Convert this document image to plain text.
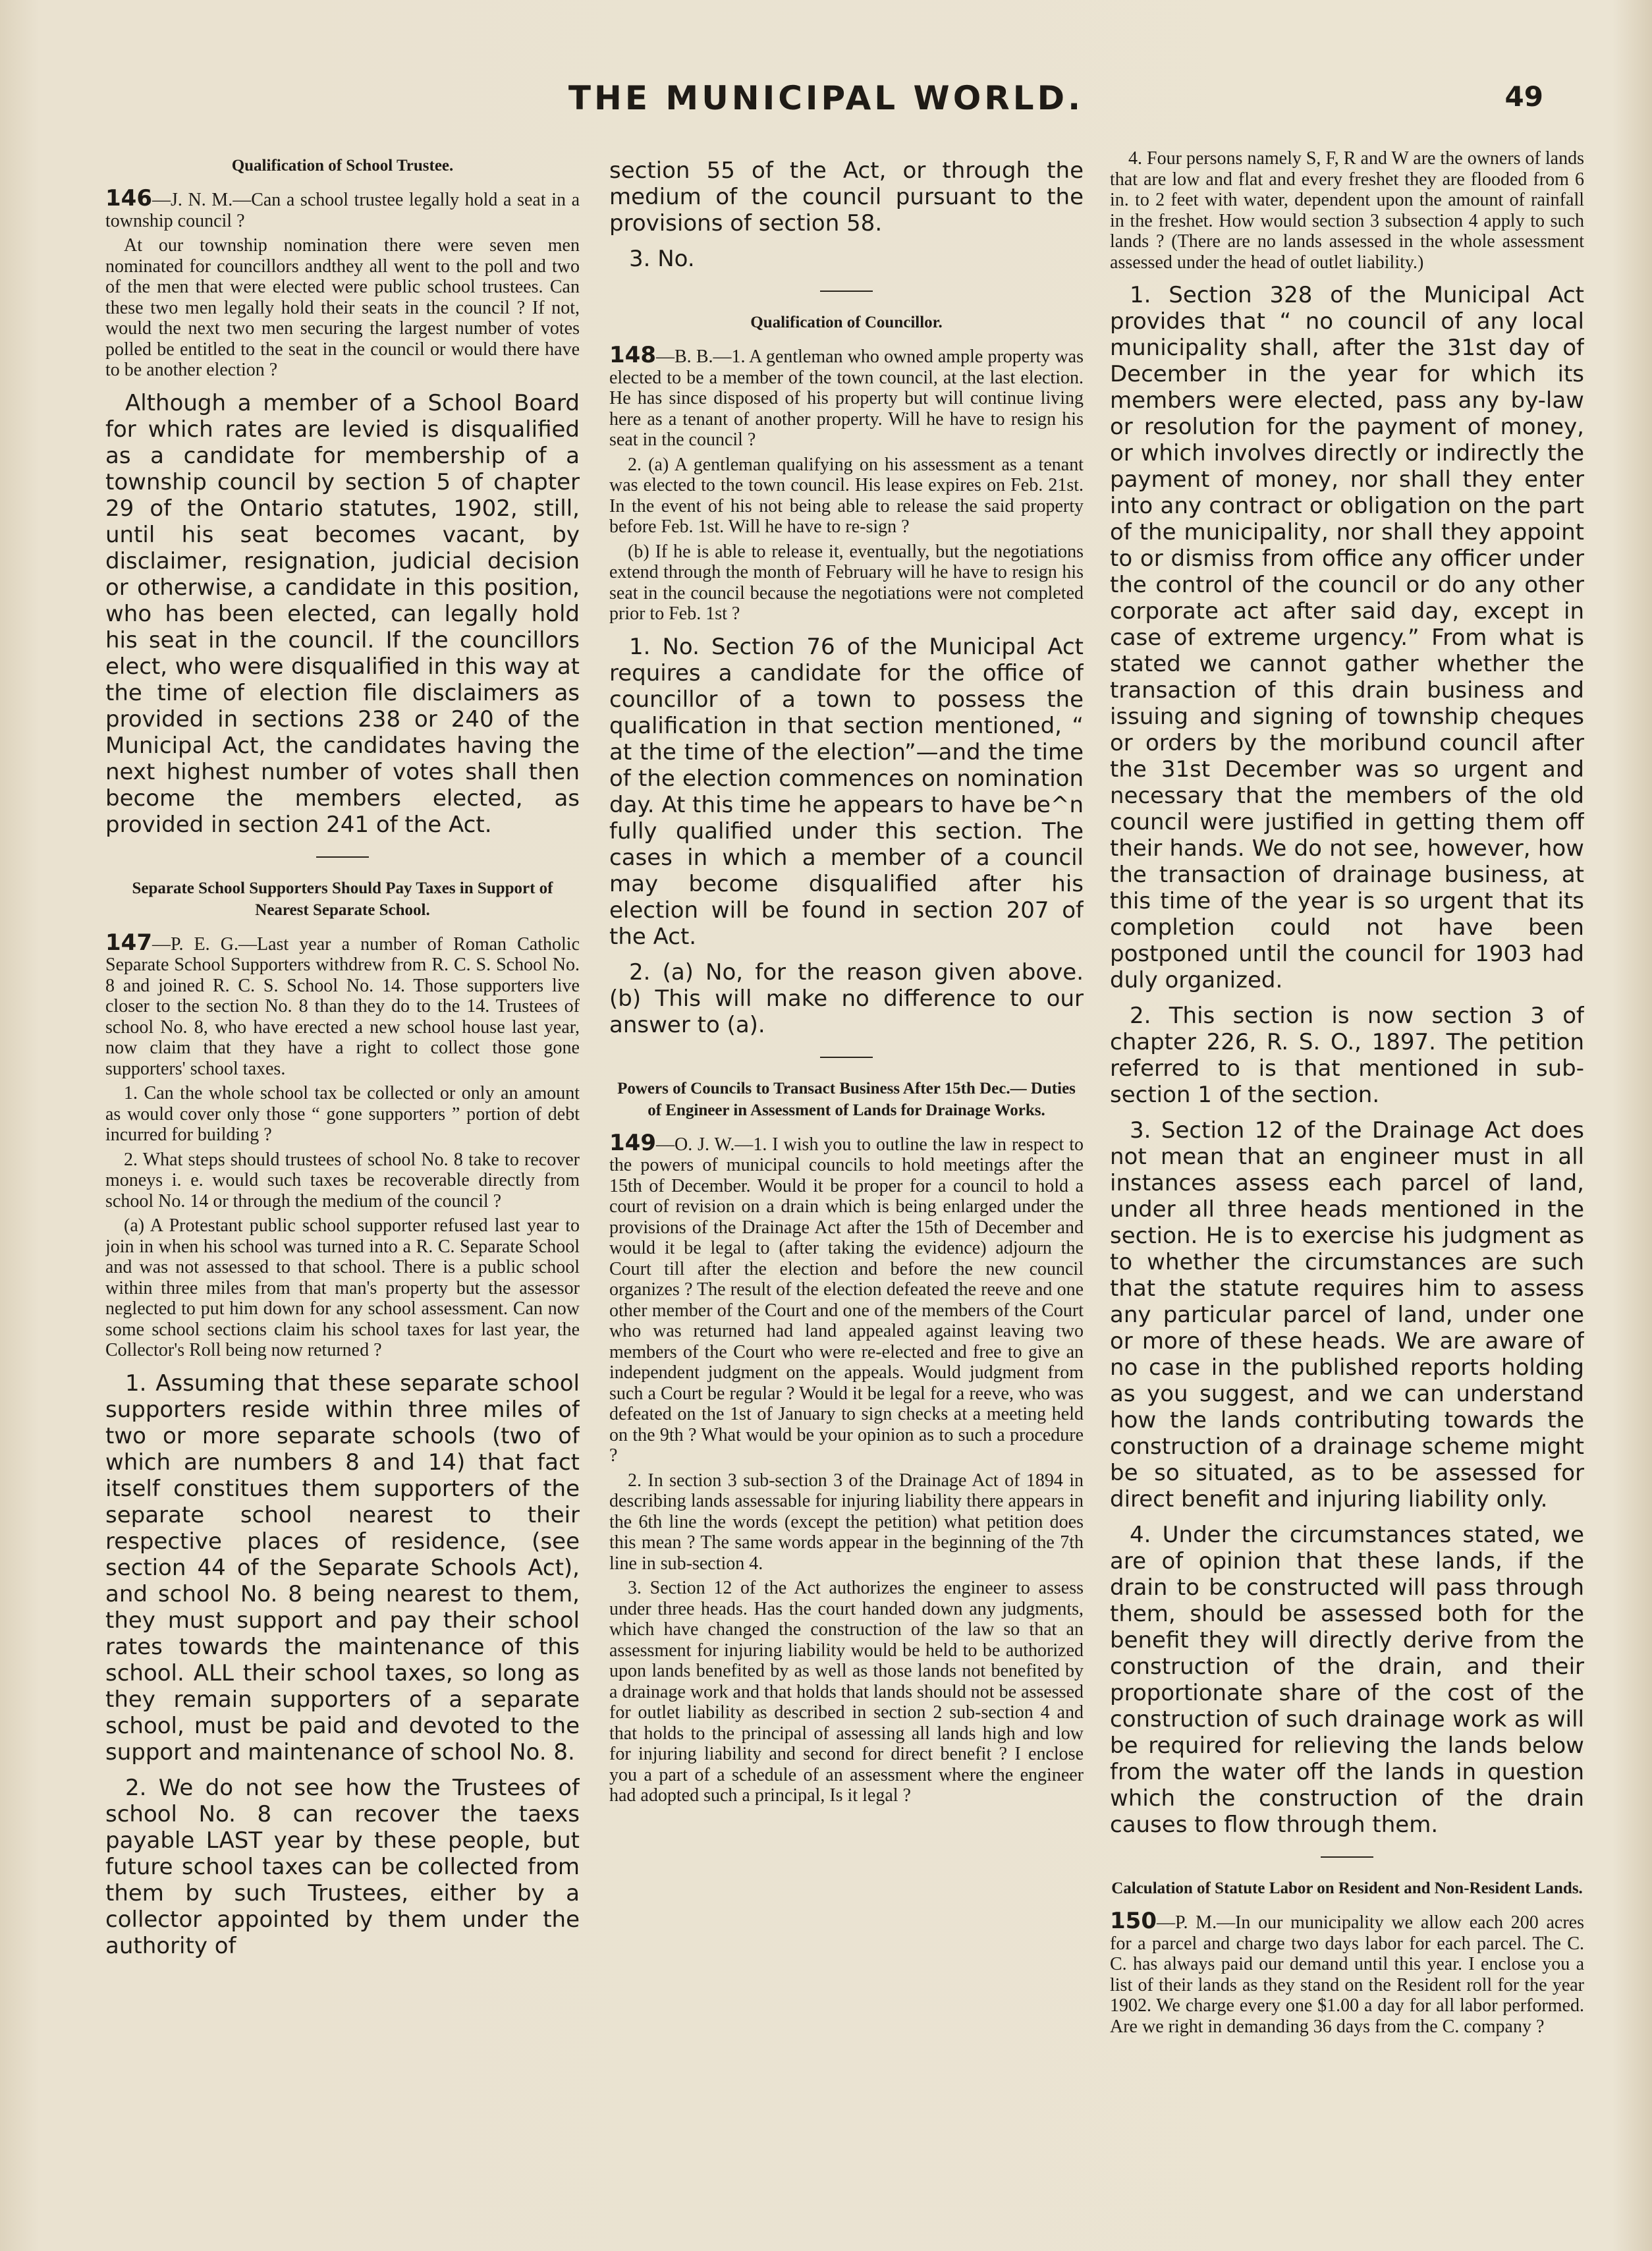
THE MUNICIPAL WORLD.	49
Qualification of School Trustee.
146—J. N. M.—Can a school trustee legally hold a seat in a township council ?
At our township nomination there were seven men nominated for councillors andthey all went to the poll and two of the men that were elected were public school trustees. Can these two men legally hold their seats in the council ? If not, would the next two men securing the largest number of votes polled be entitled to the seat in the council or would there have to be another election ?
Although a member of a School Board for which rates are levied is disqualified as a candidate for membership of a township council by section 5 of chapter 29 of the Ontario statutes, 1902, still, until his seat becomes vacant, by disclaimer, resignation, judicial decision or otherwise, a candidate in this position, who has been elected, can legally hold his seat in the council. If the councillors elect, who were disqualified in this way at the time of election file disclaimers as provided in sections 238 or 240 of the Municipal Act, the candidates having the next highest number of votes shall then become the members elected, as provided in section 241 of the Act.
Separate School Supporters Should Pay Taxes in Support of Nearest Separate School.
147—P. E. G.—Last year a number of Roman Catholic Separate School Supporters withdrew from R. C. S. School No. 8 and joined R. C. S. School No. 14. Those supporters live closer to the section No. 8 than they do to the 14. Trustees of school No. 8, who have erected a new school house last year, now claim that they have a right to collect those gone supporters' school taxes.
1. Can the whole school tax be collected or only an amount as would cover only those “ gone supporters ” portion of debt incurred for building ?
2. What steps should trustees of school No. 8 take to recover moneys i. e. would such taxes be recoverable directly from school No. 14 or through the medium of the council ?
(a) A Protestant public school supporter refused last year to join in when his school was turned into a R. C. Separate School and was not assessed to that school. There is a public school within three miles from that man's property but the assessor neglected to put him down for any school assessment. Can now some school sections claim his school taxes for last year, the Collector's Roll being now returned ?
1. Assuming that these separate school supporters reside within three miles of two or more separate schools (two of which are numbers 8 and 14) that fact itself constitues them supporters of the separate school nearest to their respective places of residence, (see section 44 of the Separate Schools Act), and school No. 8 being nearest to them, they must support and pay their school rates towards the maintenance of this school. ALL their school taxes, so long as they remain supporters of a separate school, must be paid and devoted to the support and maintenance of school No. 8.
2. We do not see how the Trustees of school No. 8 can recover the taexs payable LAST year by these people, but future school taxes can be collected from them by such Trustees, either by a collector appointed by them under the authority of
section 55 of the Act, or through the medium of the council pursuant to the provisions of section 58.
3. No.
Qualification of Councillor.
148—B. B.—1. A gentleman who owned ample property was elected to be a member of the town council, at the last election. He has since disposed of his property but will continue living here as a tenant of another property. Will he have to resign his seat in the council ?
2. (a) A gentleman qualifying on his assessment as a tenant was elected to the town council. His lease expires on Feb. 21st. In the event of his not being able to release the said property before Feb. 1st. Will he have to re-sign ?
(b) If he is able to release it, eventually, but the negotiations extend through the month of February will he have to resign his seat in the council because the negotiations were not completed prior to Feb. 1st ?
1. No. Section 76 of the Municipal Act requires a candidate for the office of councillor of a town to possess the qualification in that section mentioned, “ at the time of the election”—and the time of the election commences on nomination day. At this time he appears to have be^n fully qualified under this section. The cases in which a member of a council may become disqualified after his election will be found in section 207 of the Act.
2. (a) No, for the reason given above. (b) This will make no difference to our answer to (a).
Powers of Councils to Transact Business After 15th Dec.— Duties of Engineer in Assessment of Lands for Drainage Works.
149—O. J. W.—1. I wish you to outline the law in respect to the powers of municipal councils to hold meetings after the 15th of December. Would it be proper for a council to hold a court of revision on a drain which is being enlarged under the provisions of the Drainage Act after the 15th of December and would it be legal to (after taking the evidence) adjourn the Court till after the election and before the new council organizes ? The result of the election defeated the reeve and one other member of the Court and one of the members of the Court who was returned had land appealed against leaving two members of the Court who were re-elected and free to give an independent judgment on the appeals. Would judgment from such a Court be regular ? Would it be legal for a reeve, who was defeated on the 1st of January to sign checks at a meeting held on the 9th ? What would be your opinion as to such a procedure ?
2. In section 3 sub-section 3 of the Drainage Act of 1894 in describing lands assessable for injuring liability there appears in the 6th line the words (except the petition) what petition does this mean ? The same words appear in the beginning of the 7th line in sub-section 4.
3. Section 12 of the Act authorizes the engineer to assess under three heads. Has the court handed down any judgments, which have changed the construction of the law so that an assessment for injuring liability would be held to be authorized upon lands benefited by as well as those lands not benefited by a drainage work and that holds that lands should not be assessed for outlet liability as described in section 2 sub-section 4 and that holds to the principal of assessing all lands high and low for injuring liability and second for direct benefit ? I enclose you a part of a schedule of an assessment where the engineer had adopted such a principal, Is it legal ?
4. Four persons namely S, F, R and W are the owners of lands that are low and flat and every freshet they are flooded from 6 in. to 2 feet with water, dependent upon the amount of rainfall in the freshet. How would section 3 subsection 4 apply to such lands ? (There are no lands assessed in the whole assessment assessed under the head of outlet liability.)
1. Section 328 of the Municipal Act provides that “ no council of any local municipality shall, after the 31st day of December in the year for which its members were elected, pass any by-law or resolution for the payment of money, or which involves directly or indirectly the payment of money, nor shall they enter into any contract or obligation on the part of the municipality, nor shall they appoint to or dismiss from office any officer under the control of the council or do any other corporate act after said day, except in case of extreme urgency.” From what is stated we cannot gather whether the transaction of this drain business and issuing and signing of township cheques or orders by the moribund council after the 31st December was so urgent and necessary that the members of the old council were justified in getting them off their hands. We do not see, however, how the transaction of drainage business, at this time of the year is so urgent that its completion could not have been postponed until the council for 1903 had duly organized.
2. This section is now section 3 of chapter 226, R. S. O., 1897. The petition referred to is that mentioned in sub-section 1 of the section.
3. Section 12 of the Drainage Act does not mean that an engineer must in all instances assess each parcel of land, under all three heads mentioned in the section. He is to exercise his judgment as to whether the circumstances are such that the statute requires him to assess any particular parcel of land, under one or more of these heads. We are aware of no case in the published reports holding as you suggest, and we can understand how the lands contributing towards the construction of a drainage scheme might be so situated, as to be assessed for direct benefit and injuring liability only.
4. Under the circumstances stated, we are of opinion that these lands, if the drain to be constructed will pass through them, should be assessed both for the benefit they will directly derive from the construction of the drain, and their proportionate share of the cost of the construction of such drainage work as will be required for relieving the lands below from the water off the lands in question which the construction of the drain causes to flow through them.
Calculation of Statute Labor on Resident and Non-Resident Lands.
150—P. M.—In our municipality we allow each 200 acres for a parcel and charge two days labor for each parcel. The C. C. has always paid our demand until this year. I enclose you a list of their lands as they stand on the Resident roll for the year 1902. We charge every one $1.00 a day for all labor performed. Are we right in demanding 36 days from the C. company ?
